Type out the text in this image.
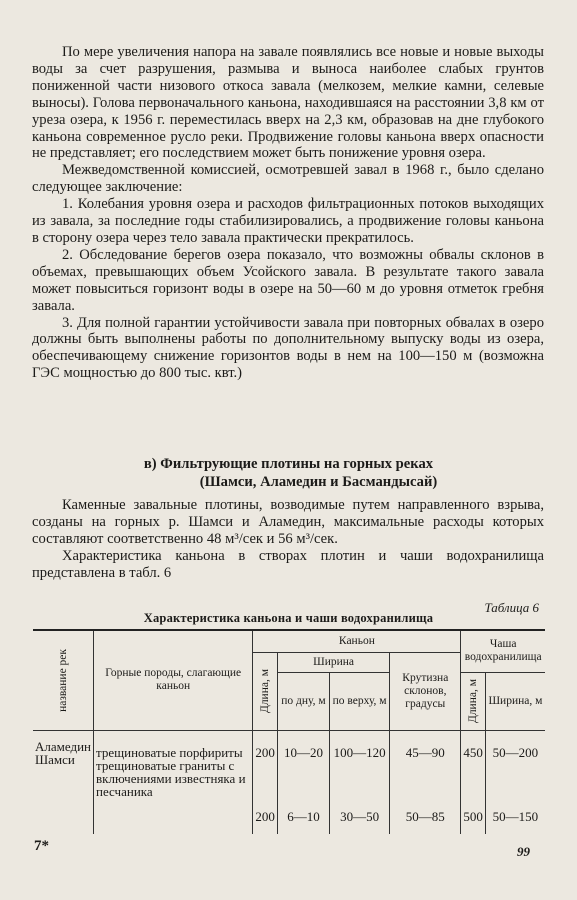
По мере увеличения напора на завале появлялись все новые и новые выходы воды за счет разрушения, размыва и выноса наиболее слабых грунтов пониженной части низового откоса завала (мелкозем, мелкие камни, селевые выносы). Голова первоначального каньона, находившаяся на расстоянии 3,8 км от уреза озера, к 1956 г. переместилась вверх на 2,3 км, образовав на дне глубокого каньона современное русло реки. Продвижение головы каньона вверх опасности не представляет; его последствием может быть понижение уровня озера.

Межведомственной комиссией, осмотревшей завал в 1968 г., было сделано следующее заключение:

1. Колебания уровня озера и расходов фильтрационных потоков выходящих из завала, за последние годы стабилизировались, а продвижение головы каньона в сторону озера через тело завала практически прекратилось.

2. Обследование берегов озера показало, что возможны обвалы склонов в объемах, превышающих объем Усойского завала. В результате такого завала может повыситься горизонт воды в озере на 50—60 м до уровня отметок гребня завала.

3. Для полной гарантии устойчивости завала при повторных обвалах в озеро должны быть выполнены работы по дополнительному выпуску воды из озера, обеспечивающему снижение горизонтов воды в нем на 100—150 м (возможна ГЭС мощностью до 800 тыс. квт.)

в) Фильтрующие плотины на горных реках
(Шамси, Аламедин и Басмандысай)

Каменные завальные плотины, возводимые путем направленного взрыва, созданы на горных р. Шамси и Аламедин, максимальные расходы которых составляют соответственно 48 м³/сек и 56 м³/сек.

Характеристика каньона в створах плотин и чаши водохранилища представлена в табл. 6

Таблица 6
Характеристика каньона и чаши водохранилища
название рек	Горные породы, слагающие каньон	Каньон				Чаша водохранилища	

		Длина, м	Ширина		Крутизна склонов, градусы		
			по дну, м	по верху, м		Длина, м	Ширина, м
Аламедин Шамси	трещиноватые порфириты трещиноватые граниты с включениями известняка и песчаника	200	10—20	100—120	45—90	450	50—200
		200	6—10	30—50	50—85	500	50—150
7*	99
